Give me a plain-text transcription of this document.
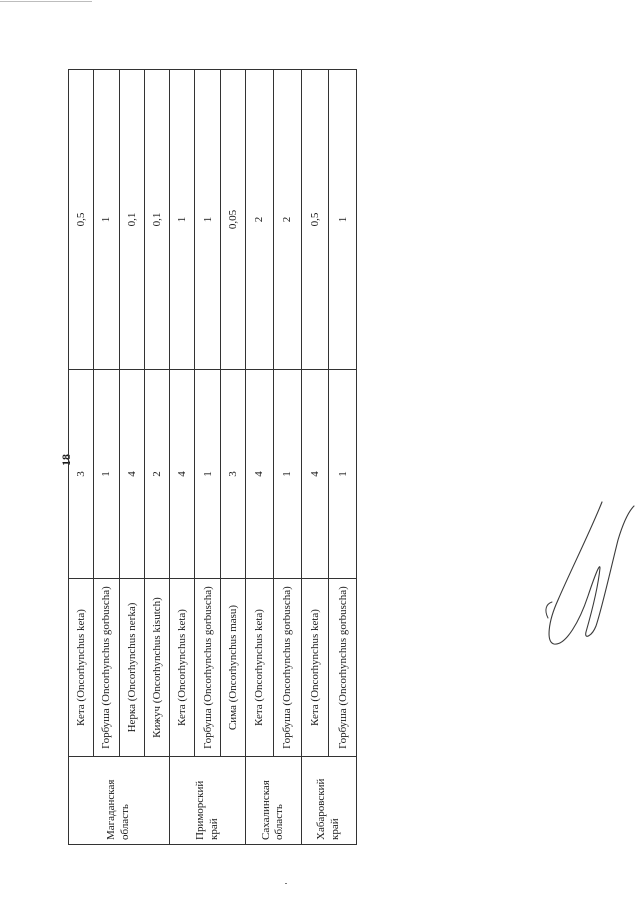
18
Магаданская область	Кета (Oncorhynchus keta)	3	0,5
	Горбуша (Oncorhynchus gorbuscha)	1	1
	Нерка (Oncorhynchus nerka)	4	0,1
	Кижуч (Oncorhynchus kisutch)	2	0,1
Приморский край	Кета (Oncorhynchus keta)	4	1
	Горбуша (Oncorhynchus gorbuscha)	1	1
	Сима (Oncorhynchus masu)	3	0,05
Сахалинская область	Кета (Oncorhynchus keta)	4	2
	Горбуша (Oncorhynchus gorbuscha)	1	2
Хабаровский край	Кета (Oncorhynchus keta)	4	0,5
	Горбуша (Oncorhynchus gorbuscha)	1	1
